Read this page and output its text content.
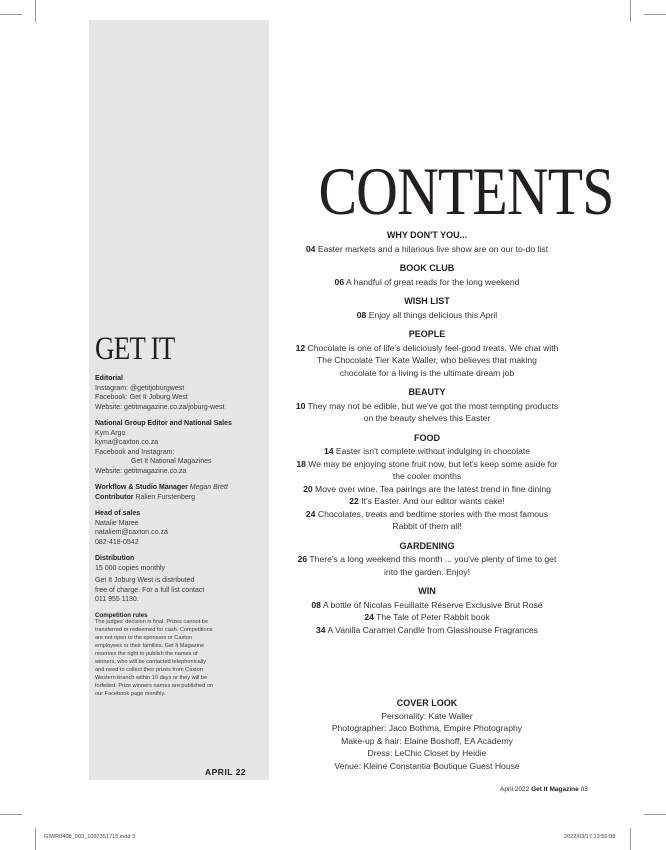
GET IT
Editorial
Instagram: @getitjoburgwest
Facebook: Get It Joburg West
Website: getitmagazine.co.za/joburg-west
National Group Editor and National Sales
Kym Argo
kyma@caxton.co.za
Facebook and Instagram:
Get It National Magazines
Website: getitmagazine.co.za
Workflow & Studio Manager Megan Brett
Contributor Ralien Furstenberg
Head of sales
Natalie Maree
nataliem@caxton.co.za
082-418-0542
Distribution
15 000 copies monthly
Get It Joburg West is distributed
free of charge. For a full list contact
011 955 1130.
Competition rules
The judges' decision is final. Prizes cannot be
transferred or redeemed for cash. Competitions
are not open to the sponsors or Caxton
employees or their families. Get It Magazine
reserves the right to publish the names of
winners, who will be contacted telephonically
and need to collect their prizes from Caxton
Western branch within 10 days or they will be
forfeited. Prize winners names are published on
our Facebook page monthly.
APRIL 22
CONTENTS
WHY DON'T YOU...
04 Easter markets and a hilarious live show are on our to-do list
BOOK CLUB
06 A handful of great reads for the long weekend
WISH LIST
08 Enjoy all things delicious this April
PEOPLE
12 Chocolate is one of life's deliciously feel-good treats. We chat with
The Chocolate Tier Kate Waller, who believes that making
chocolate for a living is the ultimate dream job
BEAUTY
10 They may not be edible, but we've got the most tempting products
on the beauty shelves this Easter
FOOD
14 Easter isn't complete without indulging in chocolate
18 We may be enjoying stone fruit now, but let's keep some aside for
the cooler months
20 Move over wine. Tea pairings are the latest trend in fine dining
22 It's Easter. And our editor wants cake!
24 Chocolates, treats and bedtime stories with the most famous
Rabbit of them all!
GARDENING
26 There's a long weekend this month ... you've plenty of time to get
into the garden. Enjoy!
WIN
08 A bottle of Nicolas Feuillatte Réserve Exclusive Brut Rosé
24 The Tale of Peter Rabbit book
34 A Vanilla Caramel Candle from Glasshouse Fragrances
COVER LOOK
Personality: Kate Waller
Photographer: Jaco Bothma, Empire Photography
Make-up & hair: Elaine Boshoff, EA Academy
Dress: LeChic Closet by Heidie
Venue: Kleine Constantia Boutique Guest House
April 2022 Get It Magazine 03
GIWR0408_003_1037351715.indd 3	2022/03/17 13:55:08
